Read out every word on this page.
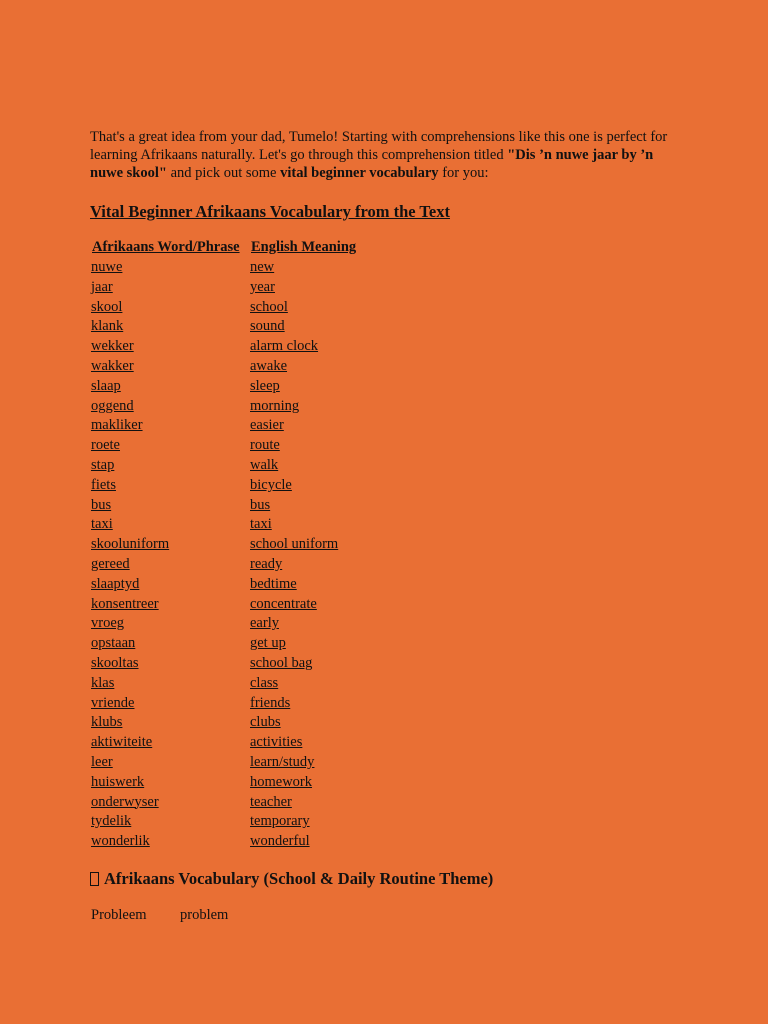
That's a great idea from your dad, Tumelo! Starting with comprehensions like this one is perfect for learning Afrikaans naturally. Let's go through this comprehension titled "Dis ’n nuwe jaar by ’n nuwe skool" and pick out some vital beginner vocabulary for you:

Vital Beginner Afrikaans Vocabulary from the Text
Afrikaans Word/Phrase	English Meaning
nuwe	new
jaar	year
skool	school
klank	sound
wekker	alarm clock
wakker	awake
slaap	sleep
oggend	morning
makliker	easier
roete	route
stap	walk
fiets	bicycle
bus	bus
taxi	taxi
skooluniform	school uniform
gereed	ready
slaaptyd	bedtime
konsentreer	concentrate
vroeg	early
opstaan	get up
skooltas	school bag
klas	class
vriende	friends
klubs	clubs
aktiwiteite	activities
leer	learn/study
huiswerk	homework
onderwyser	teacher
tydelik	temporary
wonderlik	wonderful
Afrikaans Vocabulary (School & Daily Routine Theme)
Probleem	problem
